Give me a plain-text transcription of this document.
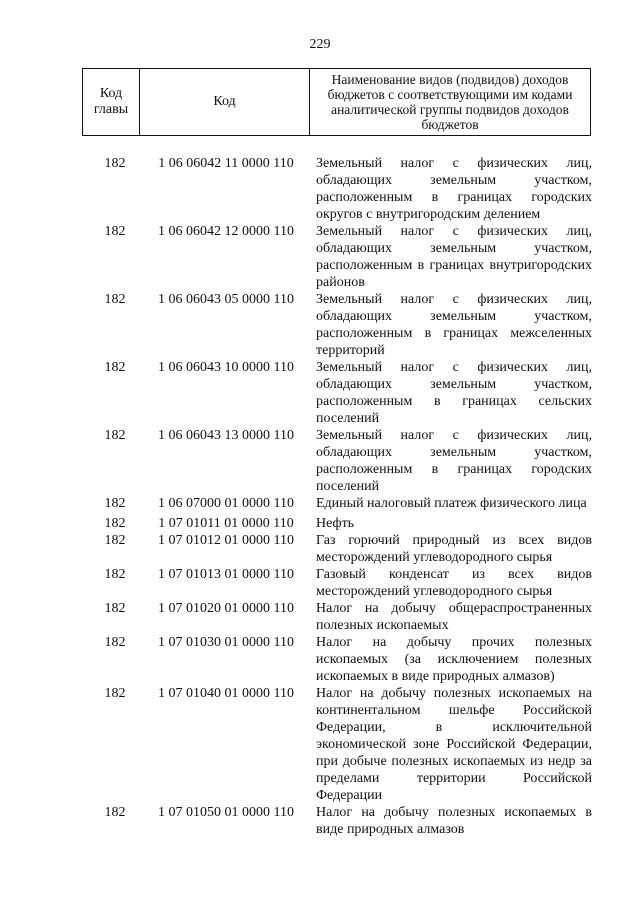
229
Код главы	Код	Наименование видов (подвидов) доходов бюджетов с соответствующими им кодами аналитической группы подвидов доходов бюджетов
182	1 06 06042 11 0000 110	Земельный налог с физических лиц, обладающих земельным участком, расположенным в границах городских округов с внутригородским делением
182	1 06 06042 12 0000 110	Земельный налог с физических лиц, обладающих земельным участком, расположенным в границах внутригородских районов
182	1 06 06043 05 0000 110	Земельный налог с физических лиц, обладающих земельным участком, расположенным в границах межселенных территорий
182	1 06 06043 10 0000 110	Земельный налог с физических лиц, обладающих земельным участком, расположенным в границах сельских поселений
182	1 06 06043 13 0000 110	Земельный налог с физических лиц, обладающих земельным участком, расположенным в границах городских поселений
182	1 06 07000 01 0000 110	Единый налоговый платеж физического лица
182	1 07 01011 01 0000 110	Нефть
182	1 07 01012 01 0000 110	Газ горючий природный из всех видов месторождений углеводородного сырья
182	1 07 01013 01 0000 110	Газовый конденсат из всех видов месторождений углеводородного сырья
182	1 07 01020 01 0000 110	Налог на добычу общераспространенных полезных ископаемых
182	1 07 01030 01 0000 110	Налог на добычу прочих полезных ископаемых (за исключением полезных ископаемых в виде природных алмазов)
182	1 07 01040 01 0000 110	Налог на добычу полезных ископаемых на континентальном шельфе Российской Федерации, в исключительной экономической зоне Российской Федерации, при добыче полезных ископаемых из недр за пределами территории Российской Федерации
182	1 07 01050 01 0000 110	Налог на добычу полезных ископаемых в виде природных алмазов
